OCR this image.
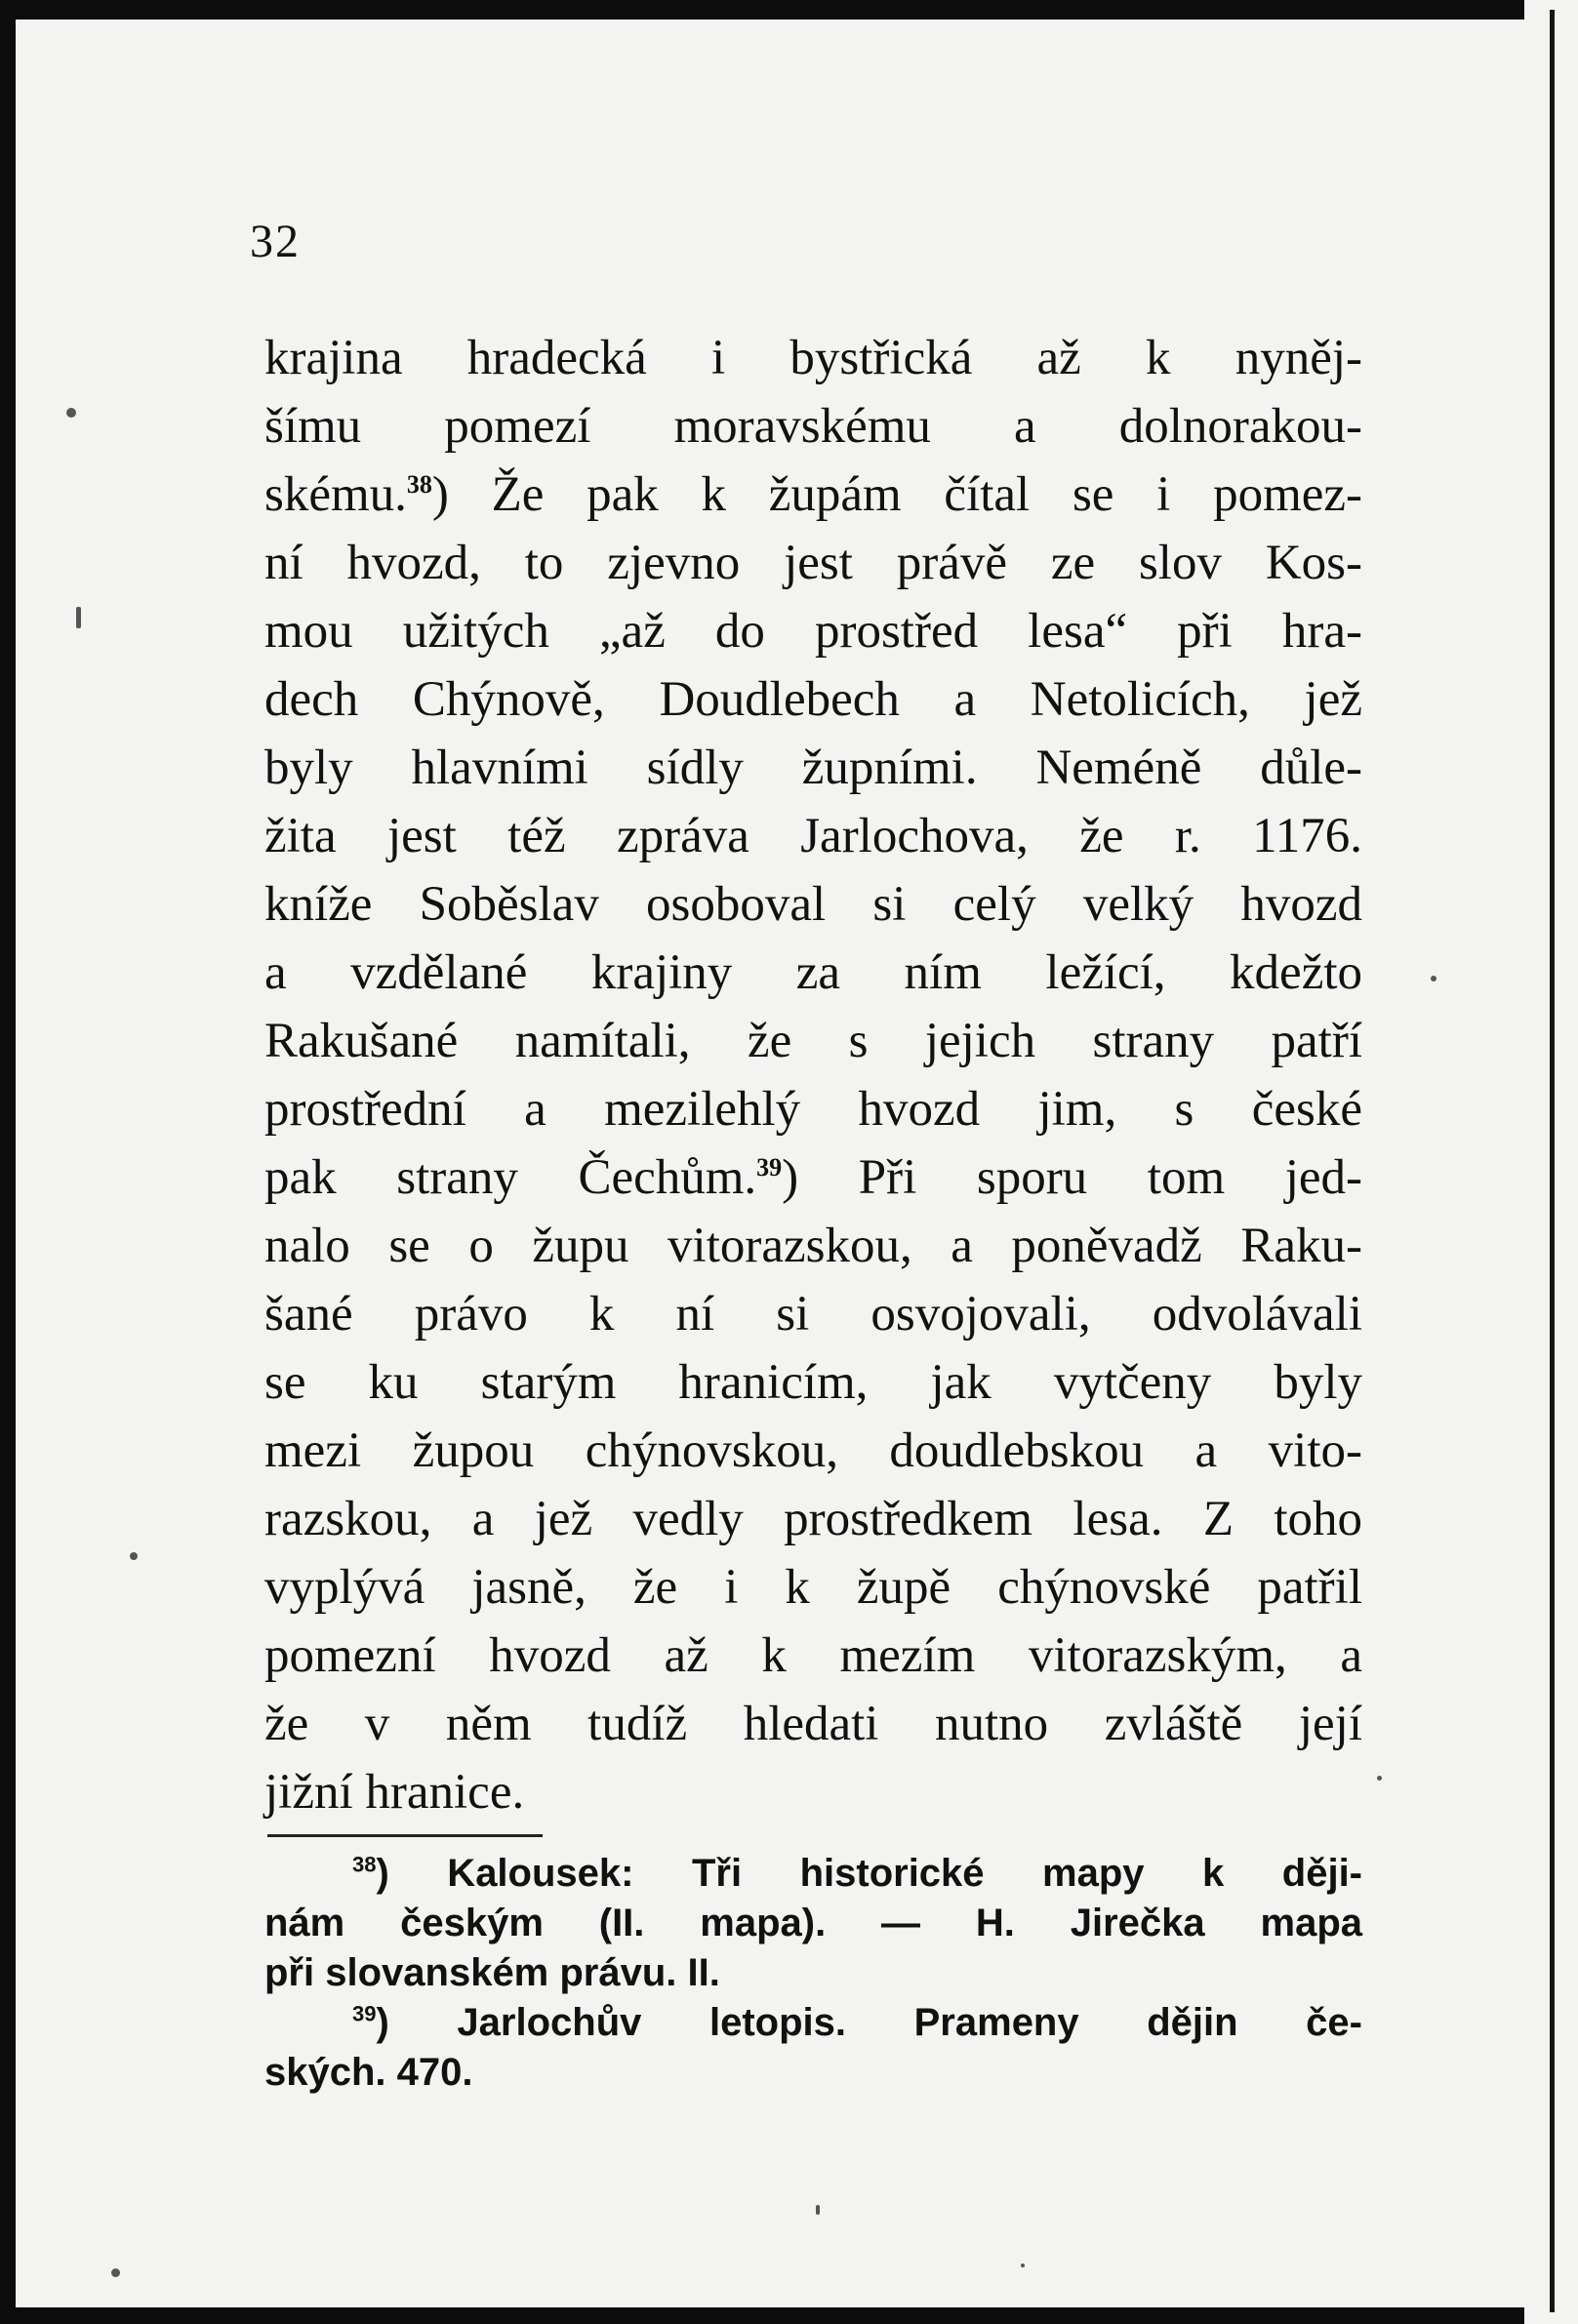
32
krajina hradecká i bystřická až k nyněj-
šímu pomezí moravskému a dolnorakou-
skému.$^{38}$) Že pak k župám čítal se i pomez-
ní hvozd, to zjevno jest právě ze slov Kos-
mou užitých „až do prostřed lesa“ při hra-
dech Chýnově, Doudlebech a Netolicích, jež
byly hlavními sídly župními. Neméně důle-
žita jest též zpráva Jarlochova, že r. 1176.
kníže Soběslav osoboval si celý velký hvozd
a vzdělané krajiny za ním ležící, kdežto
Rakušané namítali, že s jejich strany patří
prostřední a mezilehlý hvozd jim, s české
pak strany Čechům.$^{39}$) Při sporu tom jed-
nalo se o župu vitorazskou, a poněvadž Raku-
šané právo k ní si osvojovali, odvolávali
se ku starým hranicím, jak vytčeny byly
mezi župou chýnovskou, doudlebskou a vito-
razskou, a jež vedly prostředkem lesa. Z toho
vyplývá jasně, že i k župě chýnovské patřil
pomezní hvozd až k mezím vitorazským, a
že v něm tudíž hledati nutno zvláště její
jižní hranice.
$^{38}$) Kalousek: Tři historické mapy k ději-
nám českým (II. mapa). — H. Jirečka mapa
při slovanském právu. II.
$^{39}$) Jarlochův letopis. Prameny dějin če-
ských. 470.
